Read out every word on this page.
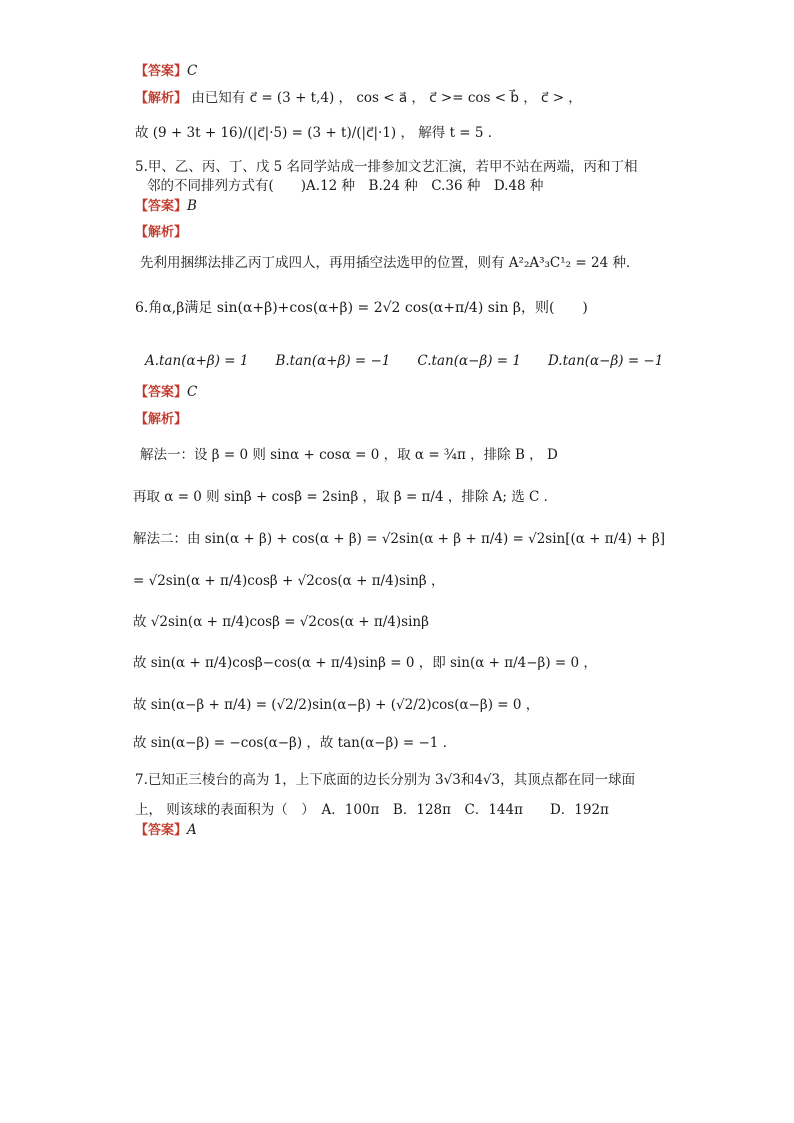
【答案】C
【解析】 由已知有 c⃗ = (3 + t,4) ， cos < a⃗ ， c⃗ >= cos < b⃗ ， c⃗ > ，
故 (9 + 3t + 16)/(|c⃗|·5) = (3 + t)/(|c⃗|·1) ， 解得 t = 5 ．
5.甲、乙、丙、丁、戊 5 名同学站成一排参加文艺汇演，若甲不站在两端，丙和丁相
邻的不同排列方式有(　　)A.12 种　B.24 种　C.36 种　D.48 种
【答案】B
【解析】
先利用捆绑法排乙丙丁成四人，再用插空法选甲的位置，则有 A²₂A³₃C¹₂ = 24 种．
6.角α,β满足 sin(α+β)+cos(α+β) = 2√2 cos(α+π/4) sin β，则(　　)
A.tan(α+β) = 1　　B.tan(α+β) = −1　　C.tan(α−β) = 1　　D.tan(α−β) = −1
【答案】C
【解析】
解法一：设 β = 0 则 sinα + cosα = 0 ，取 α = ¾π ，排除 B ， D
再取 α = 0 则 sinβ + cosβ = 2sinβ ，取 β = π/4 ，排除 A; 选 C ．
解法二：由 sin(α + β) + cos(α + β) = √2sin(α + β + π/4) = √2sin[(α + π/4) + β]
= √2sin(α + π/4)cosβ + √2cos(α + π/4)sinβ ，
故 √2sin(α + π/4)cosβ = √2cos(α + π/4)sinβ
故 sin(α + π/4)cosβ−cos(α + π/4)sinβ = 0 ，即 sin(α + π/4−β) = 0 ，
故 sin(α−β + π/4) = (√2/2)sin(α−β) + (√2/2)cos(α−β) = 0 ，
故 sin(α−β) = −cos(α−β) ，故 tan(α−β) = −1 ．
7.已知正三棱台的高为 1，上下底面的边长分别为 3√3和4√3，其顶点都在同一球面
上， 则该球的表面积为（　）　A．100π　B．128π　C．144π　　D．192π
【答案】A
